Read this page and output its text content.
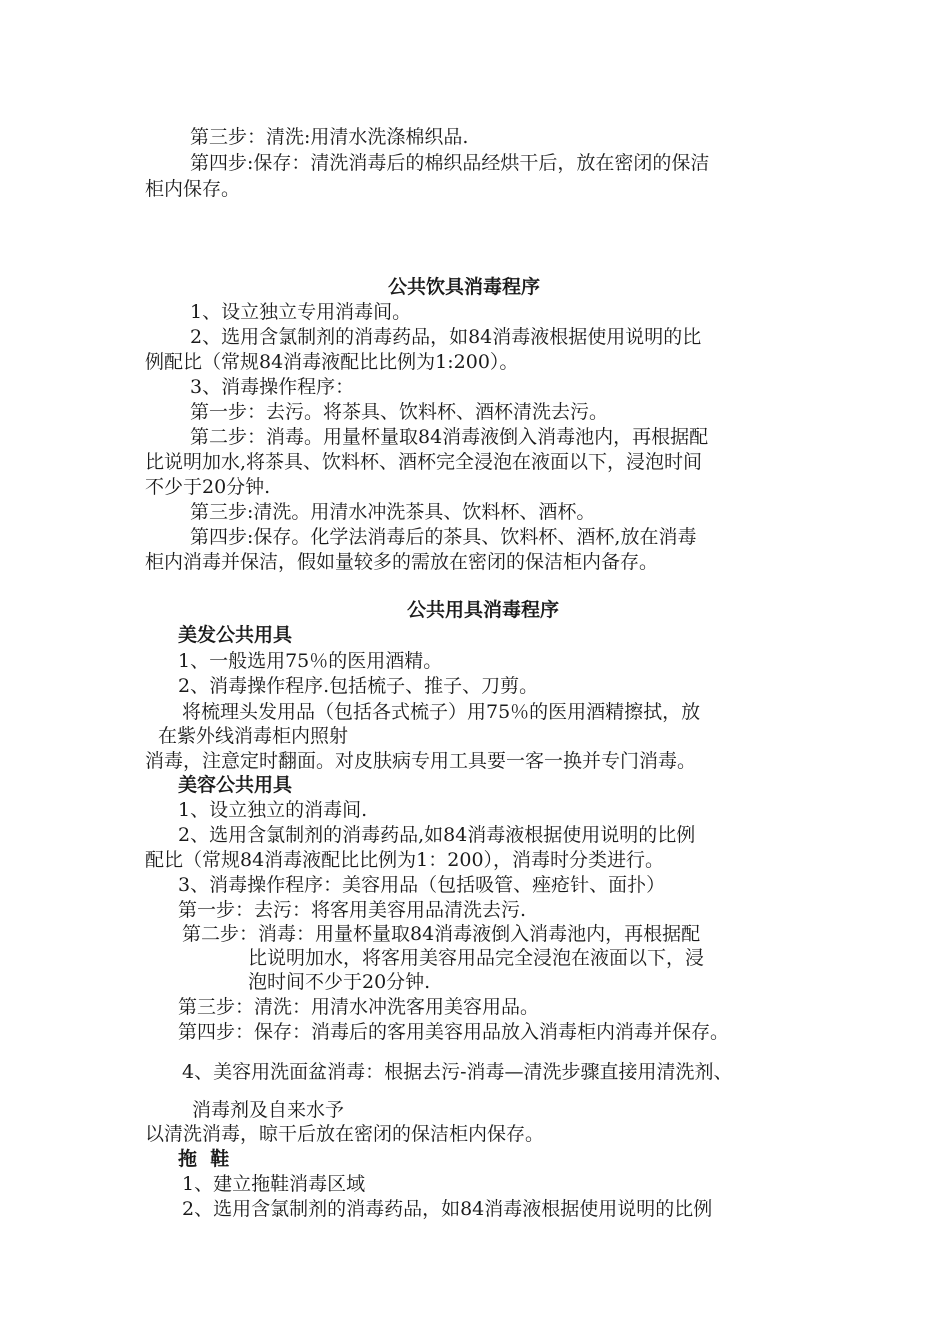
第三步：清洗:用清水洗涤棉织品.
第四步:保存：清洗消毒后的棉织品经烘干后，放在密闭的保洁
柜内保存。
公共饮具消毒程序
1、设立独立专用消毒间。
2、选用含氯制剂的消毒药品，如84消毒液根据使用说明的比
例配比（常规84消毒液配比比例为1:200）。
3、消毒操作程序：
第一步：去污。将茶具、饮料杯、酒杯清洗去污。
第二步：消毒。用量杯量取84消毒液倒入消毒池内，再根据配
比说明加水,将茶具、饮料杯、酒杯完全浸泡在液面以下，浸泡时间
不少于20分钟.
第三步:清洗。用清水冲洗茶具、饮料杯、酒杯。
第四步:保存。化学法消毒后的茶具、饮料杯、酒杯,放在消毒
柜内消毒并保洁，假如量较多的需放在密闭的保洁柜内备存。
公共用具消毒程序
美发公共用具
1、一般选用75％的医用酒精。
2、消毒操作程序.包括梳子、推子、刀剪。
将梳理头发用品（包括各式梳子）用75％的医用酒精擦拭，放
在紫外线消毒柜内照射
消毒，注意定时翻面。对皮肤病专用工具要一客一换并专门消毒。
美容公共用具
1、设立独立的消毒间.
2、选用含氯制剂的消毒药品,如84消毒液根据使用说明的比例
配比（常规84消毒液配比比例为1：200），消毒时分类进行。
3、消毒操作程序：美容用品（包括吸管、痤疮针、面扑）
第一步：去污：将客用美容用品清洗去污.
第二步：消毒：用量杯量取84消毒液倒入消毒池内，再根据配
比说明加水，将客用美容用品完全浸泡在液面以下，浸
泡时间不少于20分钟.
第三步：清洗：用清水冲洗客用美容用品。
第四步：保存：消毒后的客用美容用品放入消毒柜内消毒并保存。
4、美容用洗面盆消毒：根据去污-消毒—清洗步骤直接用清洗剂、
消毒剂及自来水予
以清洗消毒，晾干后放在密闭的保洁柜内保存。
拖  鞋
1、建立拖鞋消毒区域
2、选用含氯制剂的消毒药品，如84消毒液根据使用说明的比例
